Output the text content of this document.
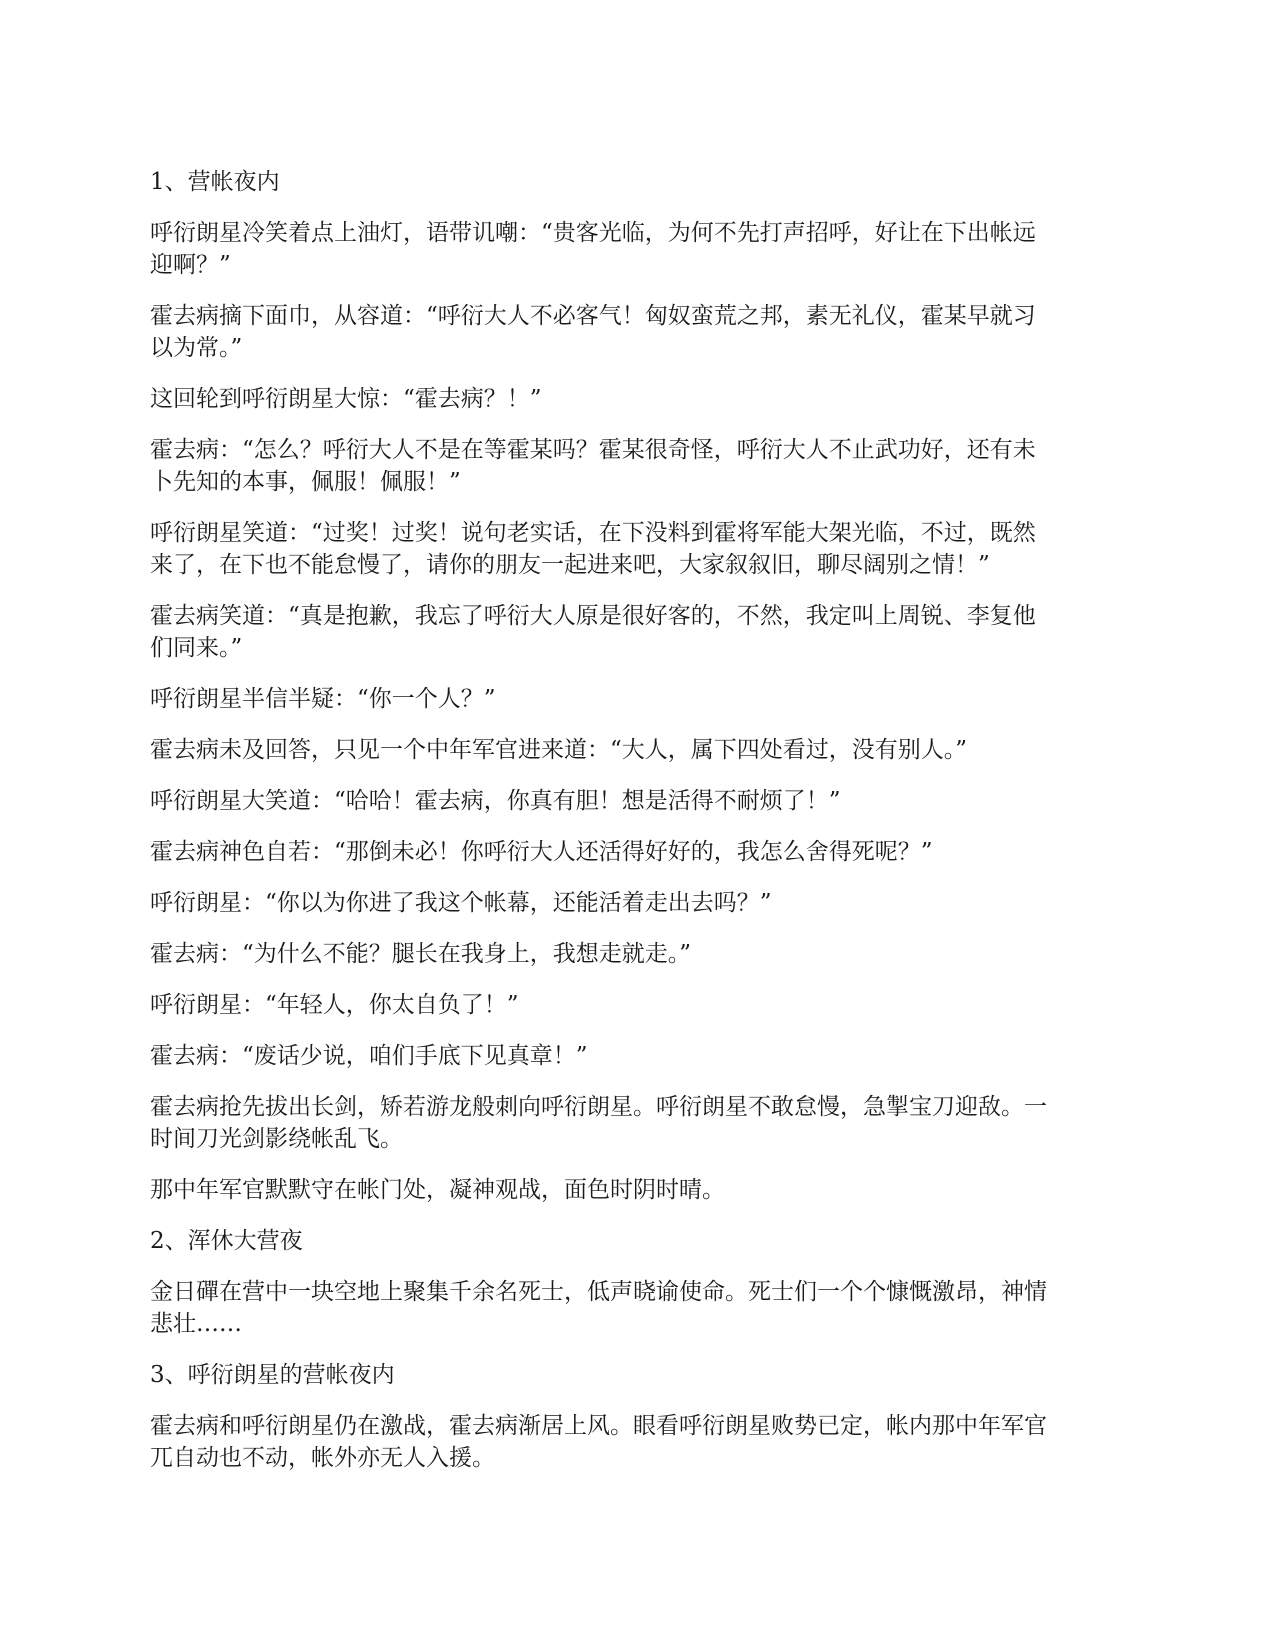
1、营帐夜内

呼衍朗星冷笑着点上油灯，语带讥嘲：“贵客光临，为何不先打声招呼，好让在下出帐远
迎啊？”

霍去病摘下面巾，从容道：“呼衍大人不必客气！匈奴蛮荒之邦，素无礼仪，霍某早就习
以为常。”

这回轮到呼衍朗星大惊：“霍去病？！”

霍去病：“怎么？呼衍大人不是在等霍某吗？霍某很奇怪，呼衍大人不止武功好，还有未
卜先知的本事，佩服！佩服！”

呼衍朗星笑道：“过奖！过奖！说句老实话，在下没料到霍将军能大架光临，不过，既然
来了，在下也不能怠慢了，请你的朋友一起进来吧，大家叙叙旧，聊尽阔别之情！”

霍去病笑道：“真是抱歉，我忘了呼衍大人原是很好客的，不然，我定叫上周锐、李复他
们同来。”

呼衍朗星半信半疑：“你一个人？”

霍去病未及回答，只见一个中年军官进来道：“大人，属下四处看过，没有别人。”

呼衍朗星大笑道：“哈哈！霍去病，你真有胆！想是活得不耐烦了！”

霍去病神色自若：“那倒未必！你呼衍大人还活得好好的，我怎么舍得死呢？”

呼衍朗星：“你以为你进了我这个帐幕，还能活着走出去吗？”

霍去病：“为什么不能？腿长在我身上，我想走就走。”

呼衍朗星：“年轻人，你太自负了！”

霍去病：“废话少说，咱们手底下见真章！”

霍去病抢先拔出长剑，矫若游龙般刺向呼衍朗星。呼衍朗星不敢怠慢，急掣宝刀迎敌。一
时间刀光剑影绕帐乱飞。

那中年军官默默守在帐门处，凝神观战，面色时阴时晴。

2、浑休大营夜

金日磾在营中一块空地上聚集千余名死士，低声晓谕使命。死士们一个个慷慨激昂，神情
悲壮……

3、呼衍朗星的营帐夜内

霍去病和呼衍朗星仍在激战，霍去病渐居上风。眼看呼衍朗星败势已定，帐内那中年军官
兀自动也不动，帐外亦无人入援。
